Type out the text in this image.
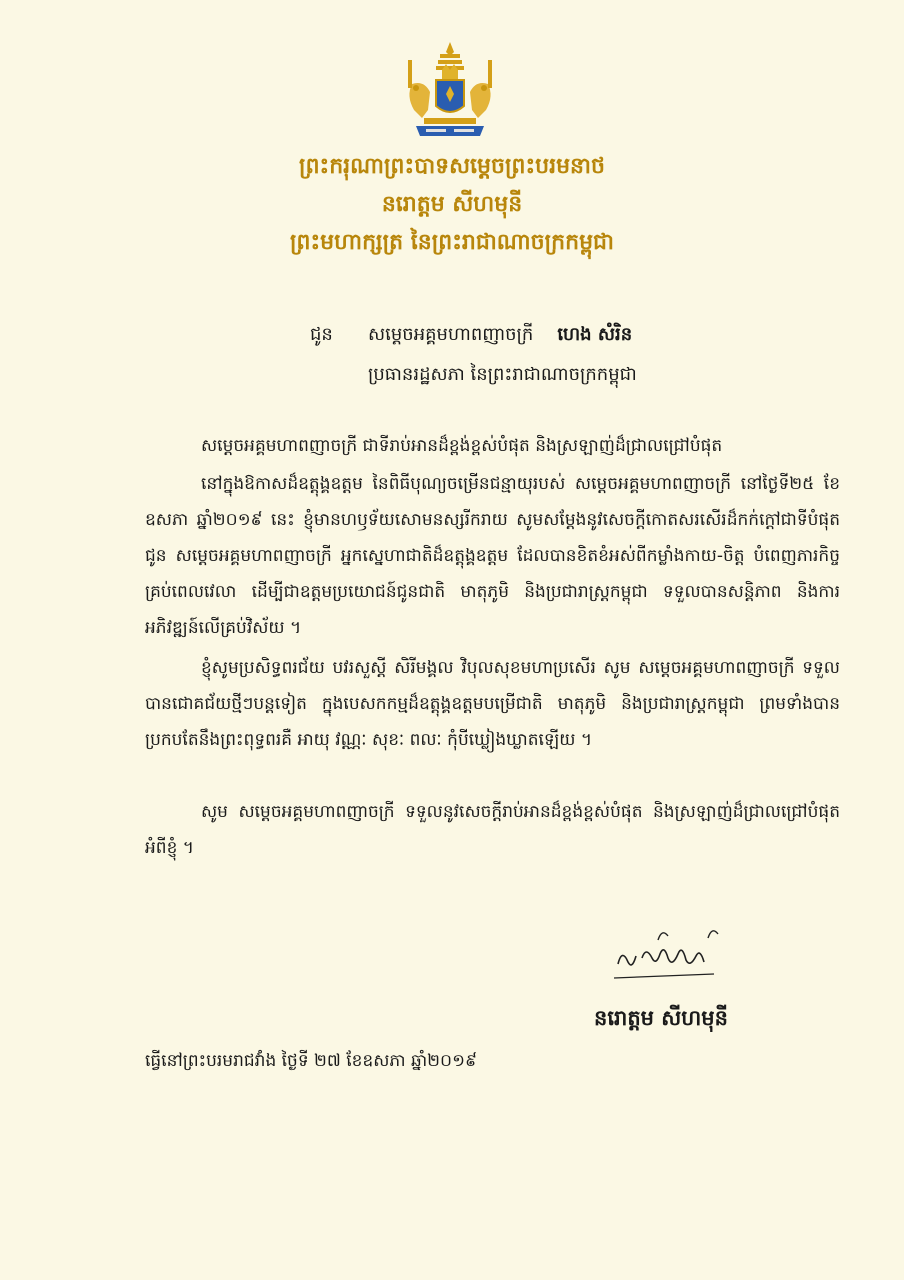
ព្រះករុណាព្រះបាទសម្ដេចព្រះបរមនាថ
នរោត្ដម សីហមុនី
ព្រះមហាក្សត្រ នៃព្រះរាជាណាចក្រកម្ពុជា
ជូន សម្ដេចអគ្គមហាពញាចក្រី ហេង សំរិន
ប្រធានរដ្ឋសភា នៃព្រះរាជាណាចក្រកម្ពុជា
សម្ដេចអគ្គមហាពញាចក្រី ជាទីរាប់អានដ៏ខ្ពង់ខ្ពស់បំផុត និងស្រឡាញ់ដ៏ជ្រាលជ្រៅបំផុត
នៅក្នុងឱកាសដ៏ឧត្ដុង្គឧត្ដម នៃពិធីបុណ្យចម្រើនជន្មាយុរបស់ សម្ដេចអគ្គមហាពញាចក្រី នៅថ្ងៃទី២៥ ខែឧសភា ឆ្នាំ២០១៩ នេះ ខ្ញុំមានហឫទ័យសោមនស្សរីករាយ សូមសម្ដែងនូវសេចក្ដីកោតសរសើរដ៏កក់ក្ដៅជាទីបំផុត ជូន សម្ដេចអគ្គមហាពញាចក្រី អ្នកស្នេហាជាតិដ៏ឧត្ដុង្គឧត្ដម ដែលបានខិតខំអស់ពីកម្លាំងកាយ-ចិត្ដ បំពេញភារកិច្ចគ្រប់ពេលវេលា ដើម្បីជាឧត្ដមប្រយោជន៍ជូនជាតិ មាតុភូមិ និងប្រជារាស្ដ្រកម្ពុជា ទទួលបានសន្ដិភាព និងការអភិវឌ្ឍន៍លើគ្រប់វិស័យ ។
ខ្ញុំសូមប្រសិទ្ធពរជ័យ បវរសួស្ដី សិរីមង្គល វិបុលសុខមហាប្រសើរ សូម សម្ដេចអគ្គមហាពញាចក្រី ទទួលបានជោគជ័យថ្មីៗបន្ដទៀត ក្នុងបេសកកម្មដ៏ឧត្ដុង្គឧត្ដមបម្រើជាតិ មាតុភូមិ និងប្រជារាស្ដ្រកម្ពុជា ព្រមទាំងបានប្រកបតែនឹងព្រះពុទ្ធពរគឺ អាយុ វណ្ណៈ សុខៈ ពលៈ កុំបីឃ្លៀងឃ្លាតឡើយ ។
សូម សម្ដេចអគ្គមហាពញាចក្រី ទទួលនូវសេចក្ដីរាប់អានដ៏ខ្ពង់ខ្ពស់បំផុត និងស្រឡាញ់ដ៏ជ្រាលជ្រៅបំផុត អំពីខ្ញុំ ។
នរោត្ដម សីហមុនី
ធ្វើនៅព្រះបរមរាជវាំង ថ្ងៃទី ២៧ ខែឧសភា ឆ្នាំ២០១៩
